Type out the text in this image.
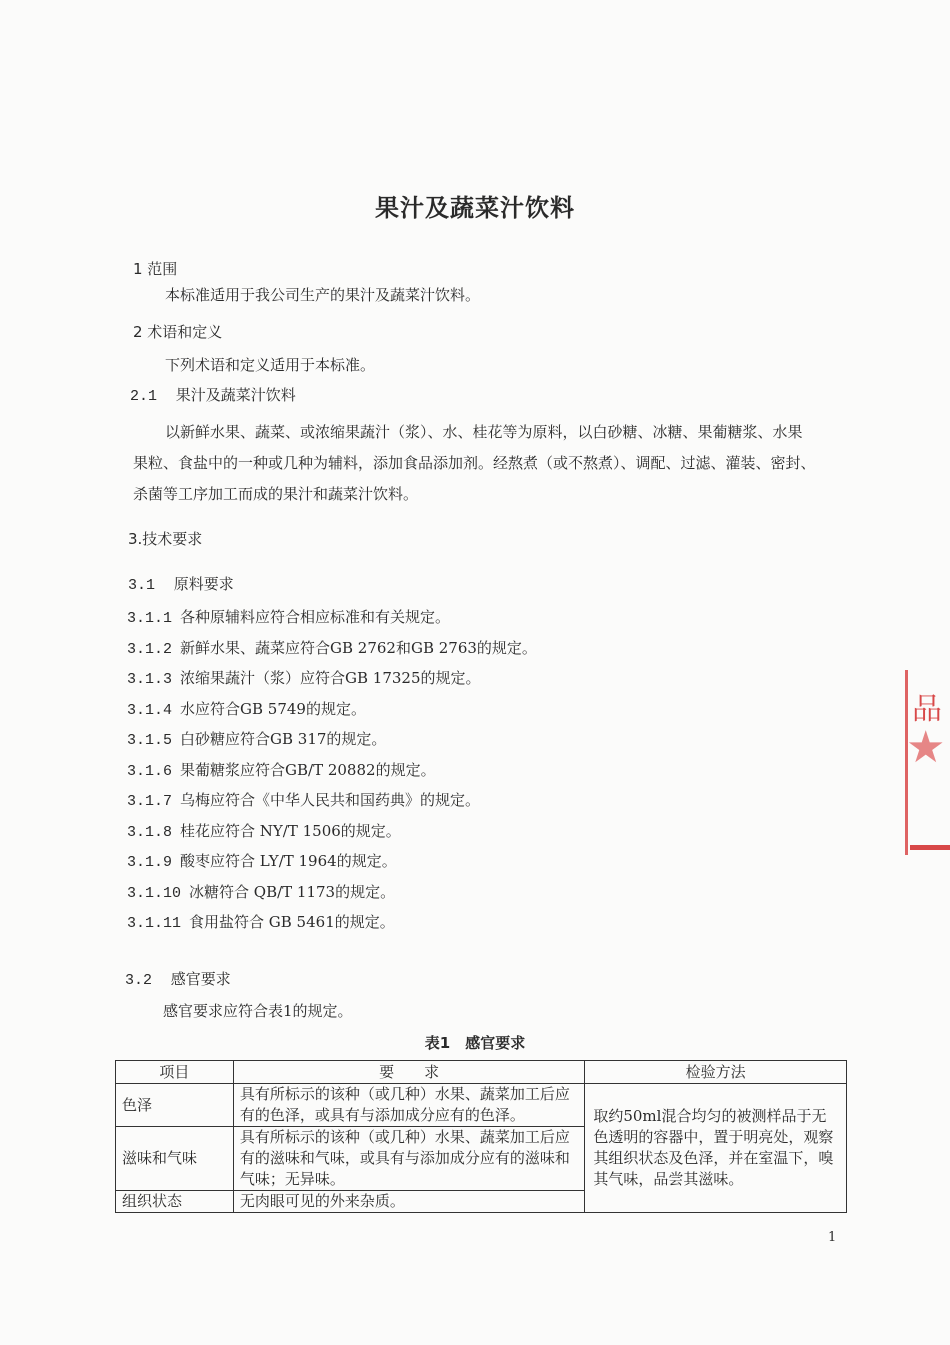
果汁及蔬菜汁饮料
1 范围
本标准适用于我公司生产的果汁及蔬菜汁饮料。
2 术语和定义
下列术语和定义适用于本标准。
2.1 果汁及蔬菜汁饮料
以新鲜水果、蔬菜、或浓缩果蔬汁（浆）、水、桂花等为原料，以白砂糖、冰糖、果葡糖浆、水果
果粒、食盐中的一种或几种为辅料，添加食品添加剂。经熬煮（或不熬煮）、调配、过滤、灌装、密封、
杀菌等工序加工而成的果汁和蔬菜汁饮料。
3.技术要求
3.1 原料要求
3.1.1 各种原辅料应符合相应标准和有关规定。
3.1.2 新鲜水果、蔬菜应符合GB 2762和GB 2763的规定。
3.1.3 浓缩果蔬汁（浆）应符合GB 17325的规定。
3.1.4 水应符合GB 5749的规定。
3.1.5 白砂糖应符合GB 317的规定。
3.1.6 果葡糖浆应符合GB/T 20882的规定。
3.1.7 乌梅应符合《中华人民共和国药典》的规定。
3.1.8 桂花应符合 NY/T 1506的规定。
3.1.9 酸枣应符合 LY/T 1964的规定。
3.1.10 冰糖符合 QB/T 1173的规定。
3.1.11 食用盐符合 GB 5461的规定。
3.2 感官要求
感官要求应符合表1的规定。
表1　感官要求
项目	要　　求	检验方法
色泽	具有所标示的该种（或几种）水果、蔬菜加工后应有的色泽，或具有与添加成分应有的色泽。	取约50ml混合均匀的被测样品于无色透明的容器中，置于明亮处，观察其组织状态及色泽，并在室温下，嗅其气味，品尝其滋味。
滋味和气味	具有所标示的该种（或几种）水果、蔬菜加工后应有的滋味和气味，或具有与添加成分应有的滋味和气味；无异味。	
组织状态	无肉眼可见的外来杂质。	
1
品
★
